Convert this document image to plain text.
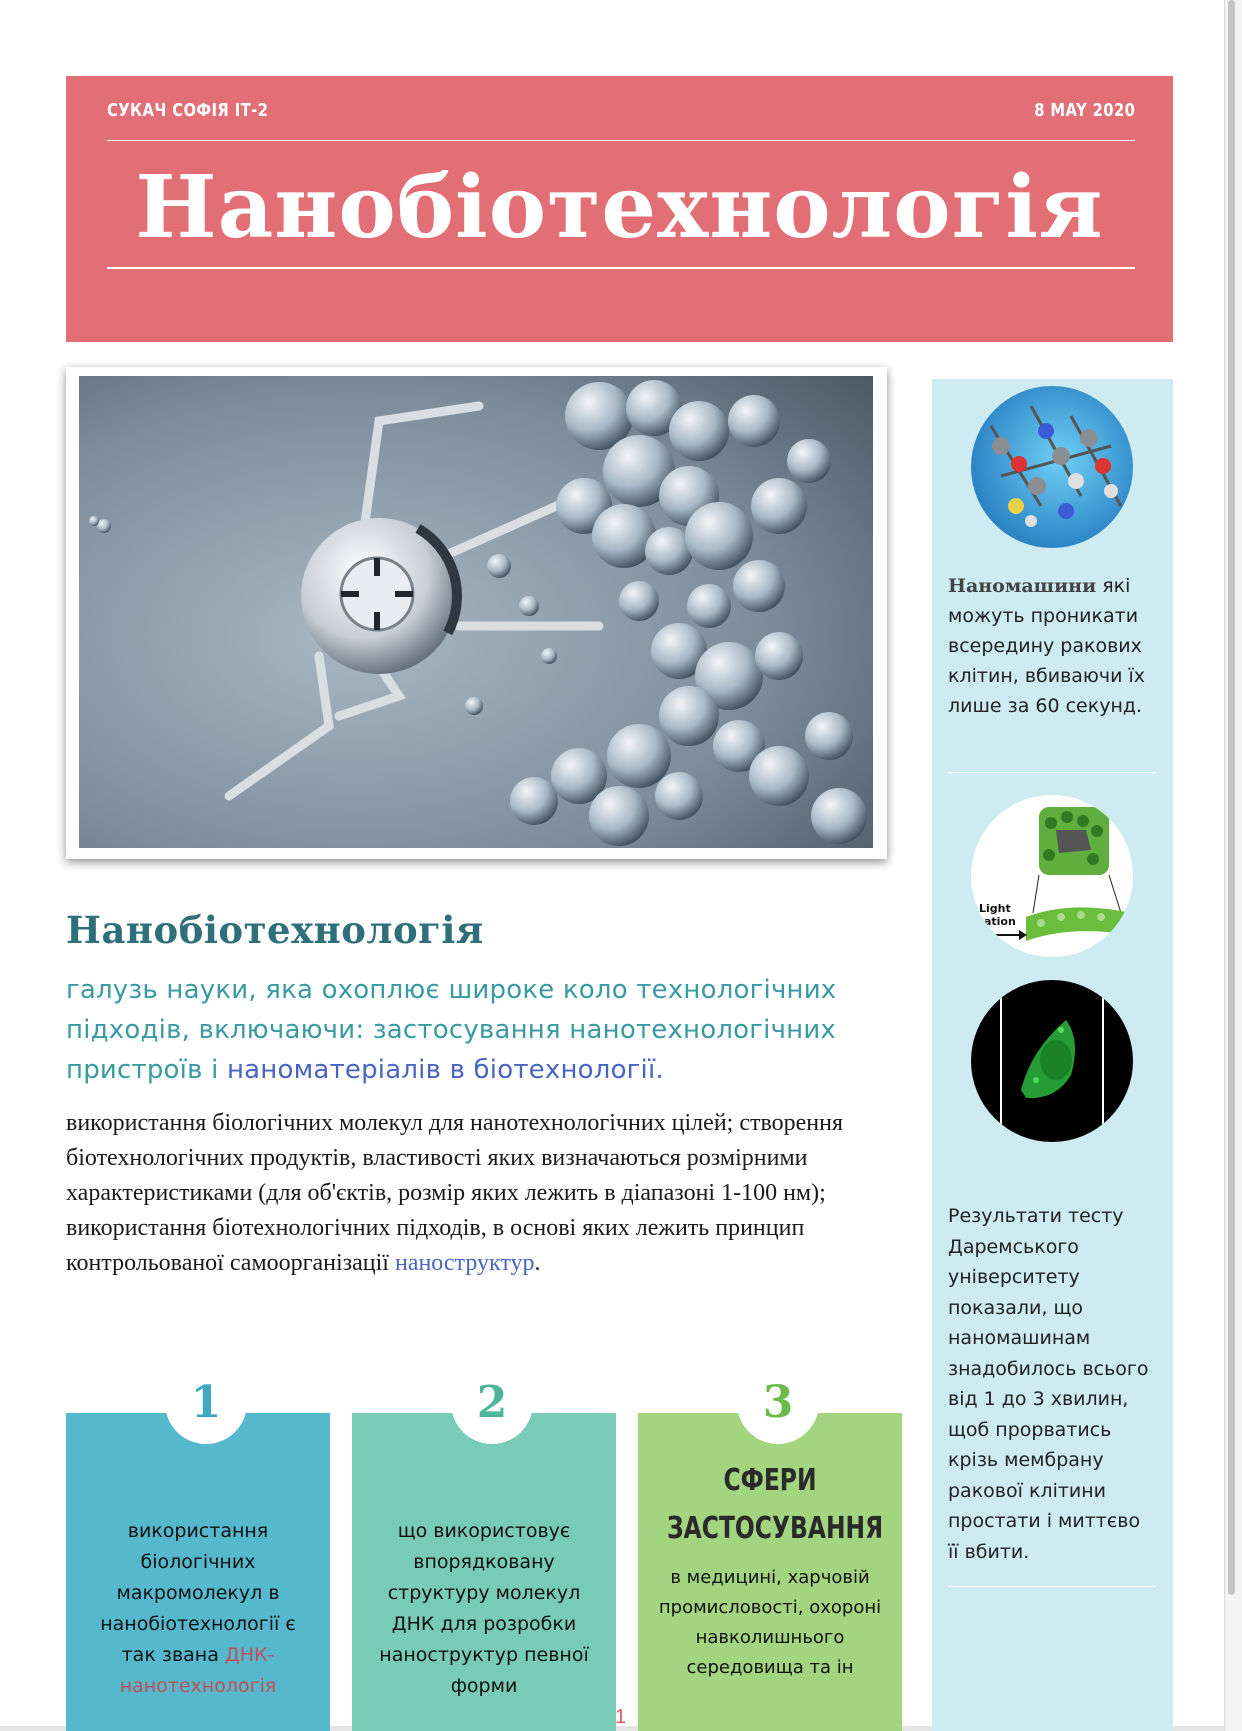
СУКАЧ СОФІЯ ІТ-2	8 MAY 2020
Нанобіотехнологія
Нанобіотехнологія
галузь науки, яка охоплює широке коло технологічних підходів, включаючи: застосування нанотехнологічних пристроїв і наноматеріалів в біотехнології.
використання біологічних молекул для нанотехнологічних цілей; створення біотехнологічних продуктів, властивості яких визначаються розмірними характеристиками (для об'єктів, розмір яких лежить в діапазоні 1-100 нм); використання біотехнологічних підходів, в основі яких лежить принцип контрольованої самоорганізації наноструктур.
1
використання біологічних макромолекул в нанобіотехнології є так звана ДНК-нанотехнологія
2
що використовує впорядковану структуру молекул ДНК для розробки наноструктур певної форми
3
СФЕРИ
ЗАСТОСУВАННЯ
в медицині, харчовій промисловості, охороні навколишнього середовища та ін
1
Наномашини які можуть проникати всередину ракових клітин, вбиваючи їх лише за 60 секунд.
Light
ivation
Результати тесту Даремського університету показали, що наномашинам знадобилось всього від 1 до 3 хвилин, щоб прорватись крізь мембрану ракової клітини простати і миттєво її вбити.
